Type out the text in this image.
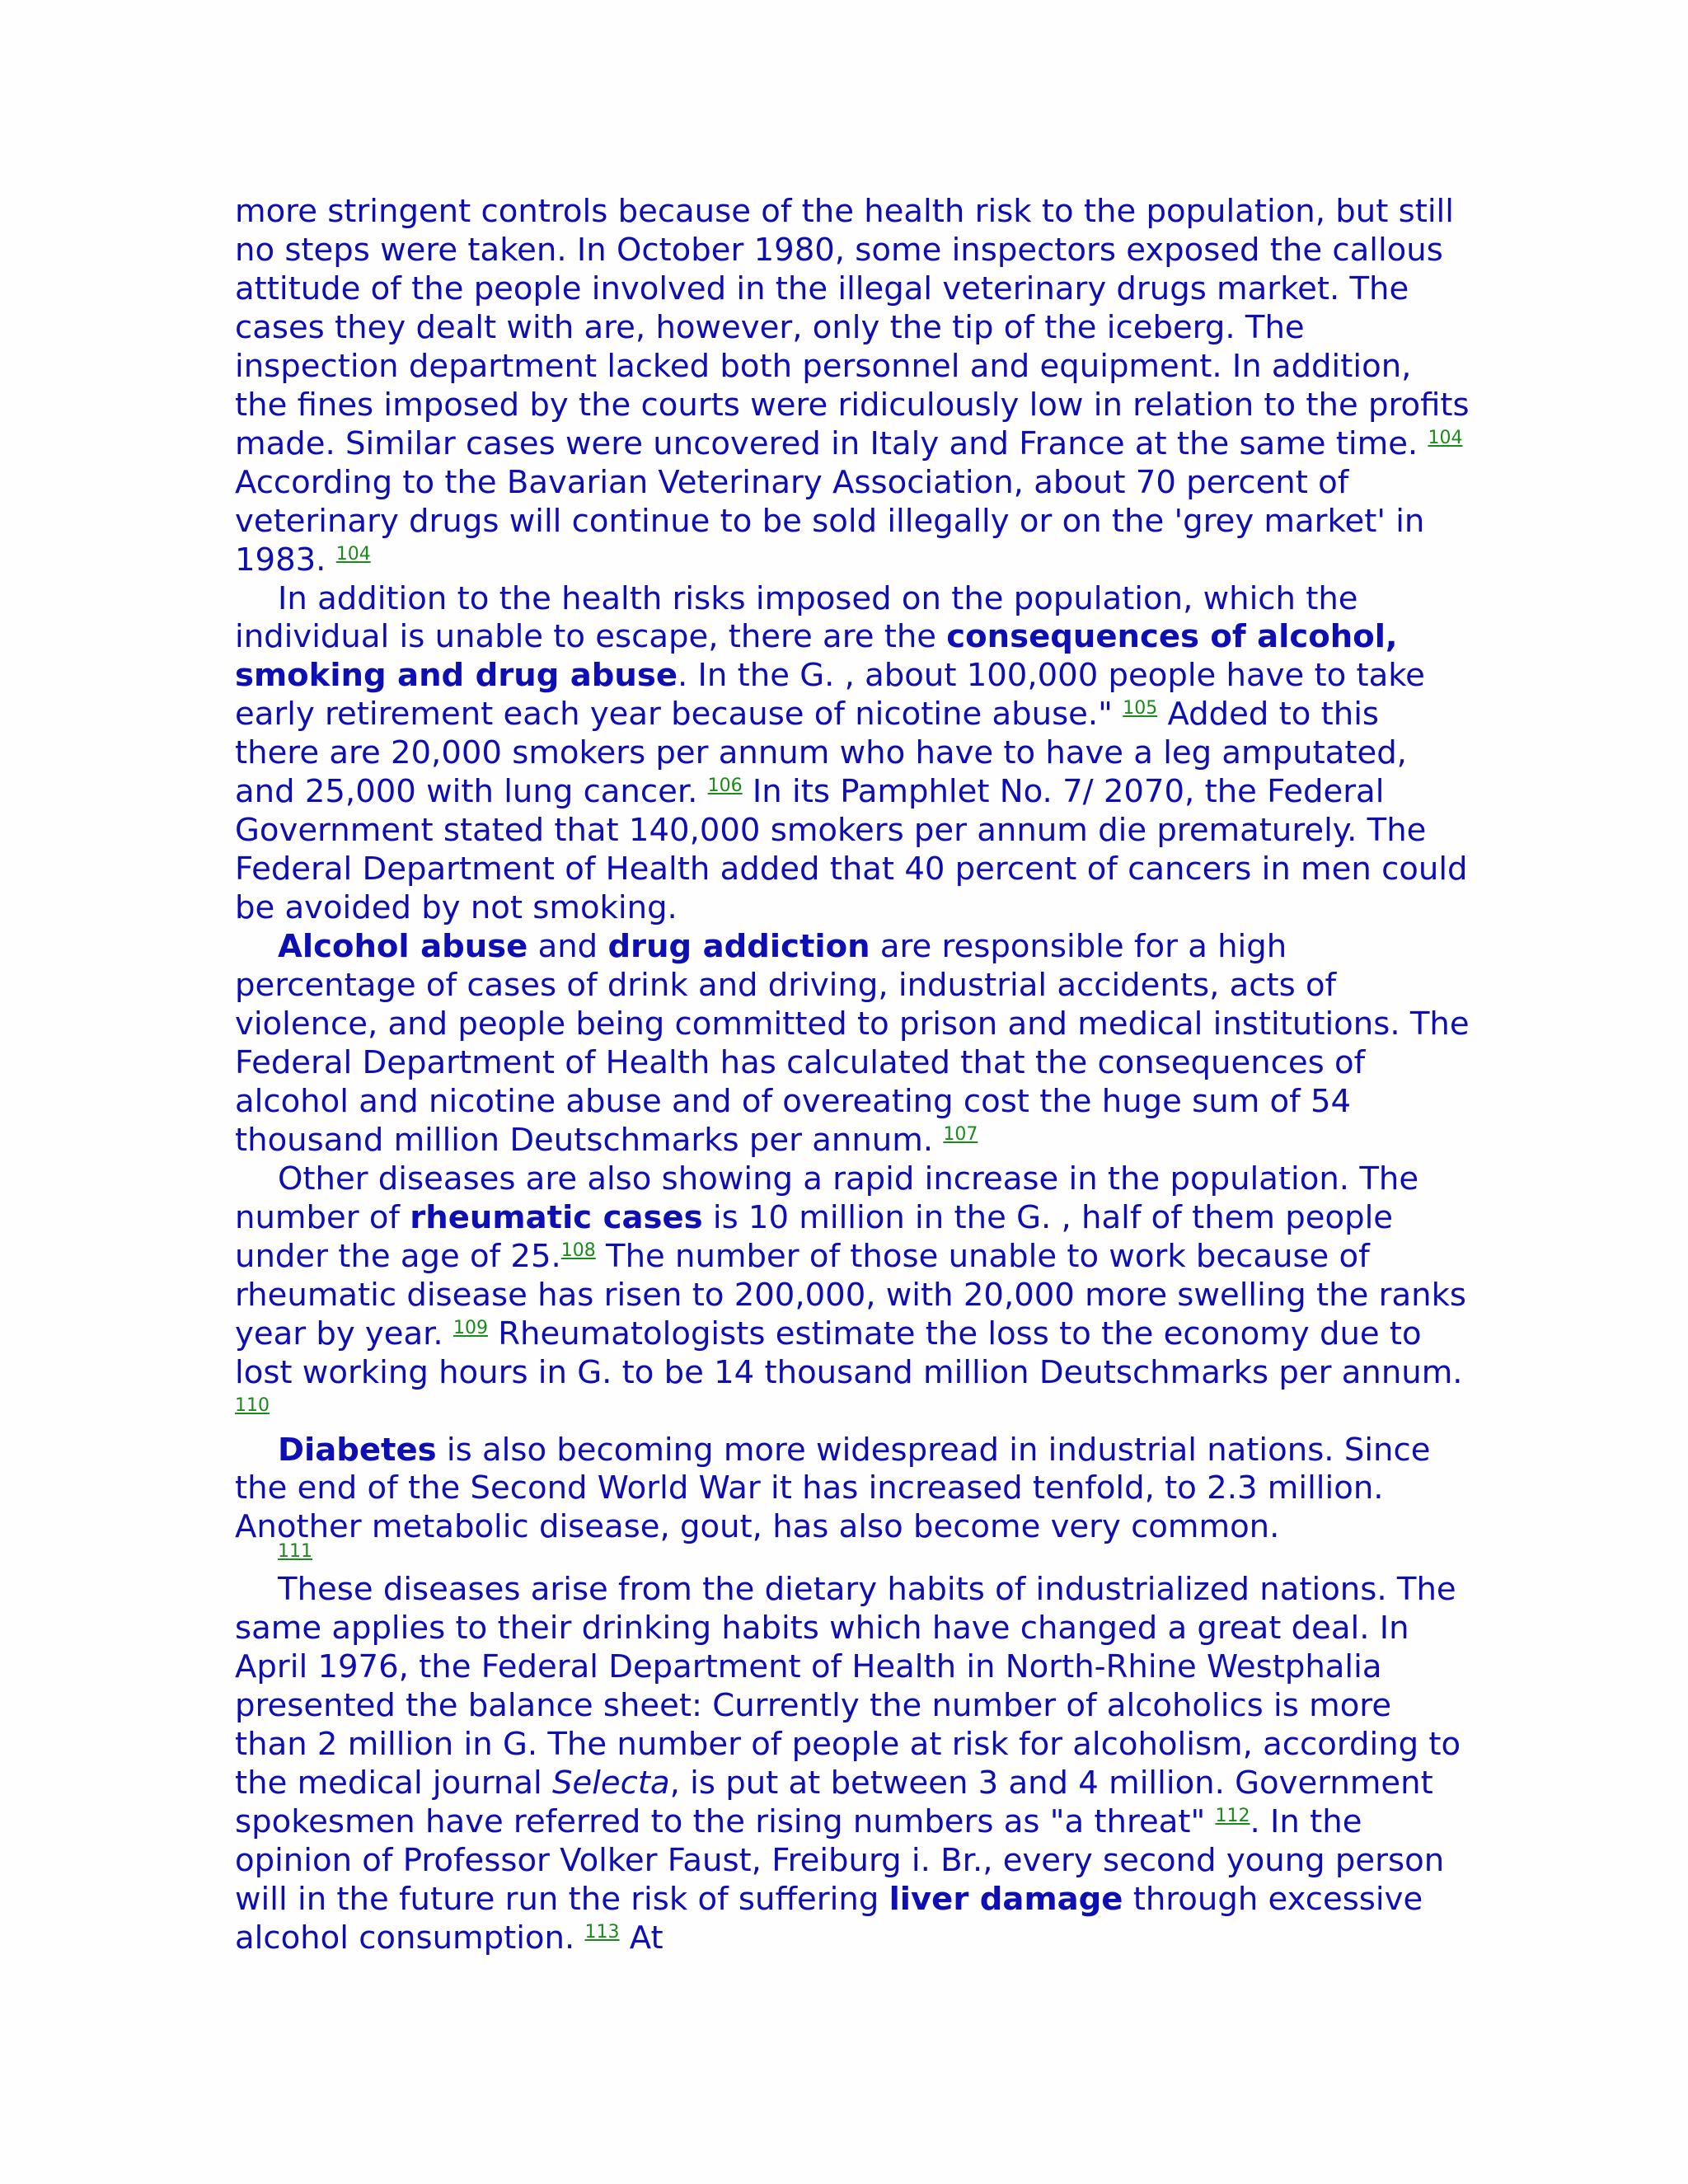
more stringent controls because of the health risk to the population, but still no steps were taken. In October 1980, some inspectors exposed the callous attitude of the people involved in the illegal veterinary drugs market. The cases they dealt with are, however, only the tip of the iceberg. The inspection department lacked both personnel and equipment. In addition, the fines imposed by the courts were ridiculously low in relation to the profits made. Similar cases were uncovered in Italy and France at the same time. $^{104}$ According to the Bavarian Veterinary Association, about 70 percent of veterinary drugs will continue to be sold illegally or on the 'grey market' in 1983. $^{104}$

In addition to the health risks imposed on the population, which the individual is unable to escape, there are the consequences of alcohol, smoking and drug abuse. In the G. , about 100,000 people have to take early retirement each year because of nicotine abuse." $^{105}$ Added to this there are 20,000 smokers per annum who have to have a leg amputated, and 25,000 with lung cancer. $^{106}$ In its Pamphlet No. 7/ 2070, the Federal Government stated that 140,000 smokers per annum die prematurely. The Federal Department of Health added that 40 percent of cancers in men could be avoided by not smoking.

Alcohol abuse and drug addiction are responsible for a high percentage of cases of drink and driving, industrial accidents, acts of violence, and people being committed to prison and medical institutions. The Federal Department of Health has calculated that the consequences of alcohol and nicotine abuse and of overeating cost the huge sum of 54 thousand million Deutschmarks per annum. $^{107}$

Other diseases are also showing a rapid increase in the population. The number of rheumatic cases is 10 million in the G. , half of them people under the age of 25.$^{108}$ The number of those unable to work because of rheumatic disease has risen to 200,000, with 20,000 more swelling the ranks year by year. $^{109}$ Rheumatologists estimate the loss to the economy due to lost working hours in G. to be 14 thousand million Deutschmarks per annum. $^{110}$

Diabetes is also becoming more widespread in industrial nations. Since the end of the Second World War it has increased tenfold, to 2.3 million. Another metabolic disease, gout, has also become very common.
111

These diseases arise from the dietary habits of industrialized nations. The same applies to their drinking habits which have changed a great deal. In April 1976, the Federal Department of Health in North-Rhine Westphalia presented the balance sheet: Currently the number of alcoholics is more than 2 million in G. The number of people at risk for alcoholism, according to the medical journal Selecta, is put at between 3 and 4 million. Government spokesmen have referred to the rising numbers as "a threat" $^{112}$. In the opinion of Professor Volker Faust, Freiburg i. Br., every second young person will in the future run the risk of suffering liver damage through excessive alcohol consumption. $^{113}$ At
